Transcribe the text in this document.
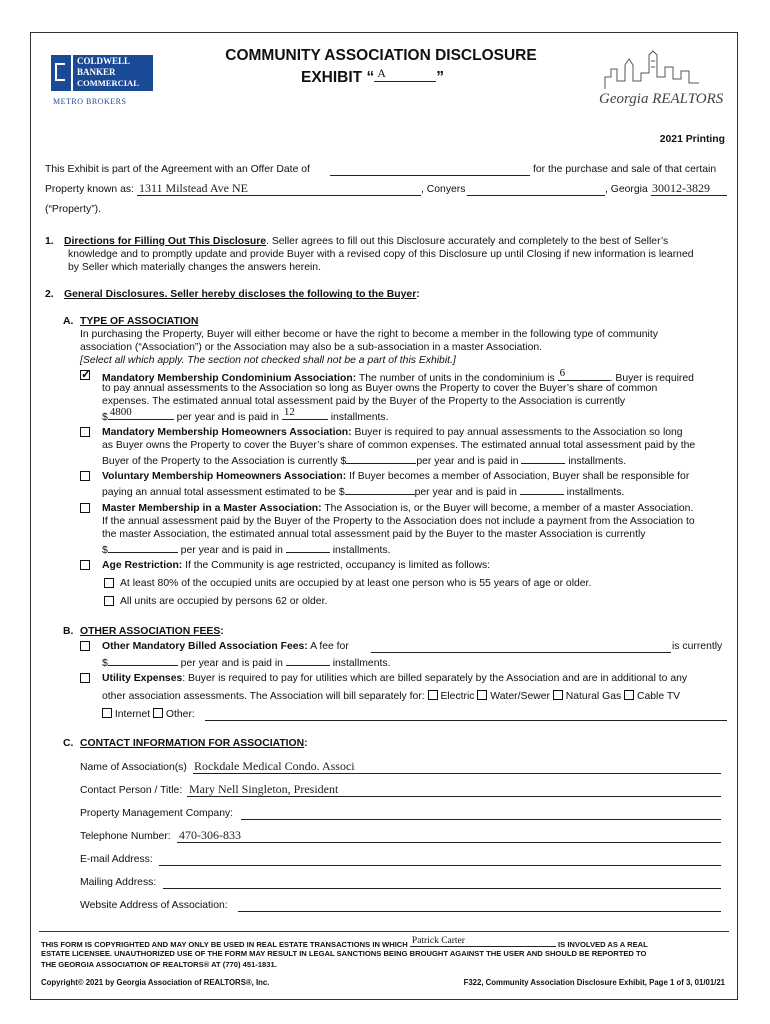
COLDWELL
BANKER
COMMERCIAL
METRO BROKERS
COMMUNITY ASSOCIATION DISCLOSURE
EXHIBIT “ A	”
Georgia REALTORS
2021 Printing
This Exhibit is part of the Agreement with an Offer Date of	for the purchase and sale of that certain
Property known as: 1311 Milstead Ave NE	, Conyers	, Georgia 30012-3829
(“Property”).
1. Directions for Filling Out This Disclosure. Seller agrees to fill out this Disclosure accurately and completely to the best of Seller’s
knowledge and to promptly update and provide Buyer with a revised copy of this Disclosure up until Closing if new information is learned
by Seller which materially changes the answers herein.
2. General Disclosures. Seller hereby discloses the following to the Buyer:
A. TYPE OF ASSOCIATION
In purchasing the Property, Buyer will either become or have the right to become a member in the following type of community
association (“Association”) or the Association may also be a sub-association in a master Association.
[Select all which apply. The section not checked shall not be a part of this Exhibit.]
✓
Mandatory Membership Condominium Association: The number of units in the condominium is 6	. Buyer is required
to pay annual assessments to the Association so long as Buyer owns the Property to cover the Buyer’s share of common
expenses. The estimated annual total assessment paid by the Buyer of the Property to the Association is currently
$ 4800	per year and is paid in 12	installments.
Mandatory Membership Homeowners Association: Buyer is required to pay annual assessments to the Association so long
as Buyer owns the Property to cover the Buyer’s share of common expenses. The estimated annual total assessment paid by the
Buyer of the Property to the Association is currently $	per year and is paid in	installments.
Voluntary Membership Homeowners Association: If Buyer becomes a member of Association, Buyer shall be responsible for
paying an annual total assessment estimated to be $	per year and is paid in	installments.
Master Membership in a Master Association: The Association is, or the Buyer will become, a member of a master Association.
If the annual assessment paid by the Buyer of the Property to the Association does not include a payment from the Association to
the master Association, the estimated annual total assessment paid by the Buyer to the master Association is currently
$	per year and is paid in	installments.
Age Restriction: If the Community is age restricted, occupancy is limited as follows:
At least 80% of the occupied units are occupied by at least one person who is 55 years of age or older.
All units are occupied by persons 62 or older.
B. OTHER ASSOCIATION FEES:
Other Mandatory Billed Association Fees: A fee for	is currently
$	per year and is paid in	installments.
Utility Expenses: Buyer is required to pay for utilities which are billed separately by the Association and are in additional to any
other association assessments. The Association will bill separately for: Electric Water/Sewer Natural Gas Cable TV
Internet Other:
C. CONTACT INFORMATION FOR ASSOCIATION:
Name of Association(s) Rockdale Medical Condo. Associ
Contact Person / Title: Mary Nell Singleton, President
Property Management Company:
Telephone Number: 470-306-833
E-mail Address:
Mailing Address:
Website Address of Association:
THIS FORM IS COPYRIGHTED AND MAY ONLY BE USED IN REAL ESTATE TRANSACTIONS IN WHICH Patrick Carter	IS INVOLVED AS A REAL
ESTATE LICENSEE. UNAUTHORIZED USE OF THE FORM MAY RESULT IN LEGAL SANCTIONS BEING BROUGHT AGAINST THE USER AND SHOULD BE REPORTED TO
THE GEORGIA ASSOCIATION OF REALTORS® AT (770) 451-1831.
Copyright© 2021 by Georgia Association of REALTORS®, Inc.	F322, Community Association Disclosure Exhibit, Page 1 of 3, 01/01/21
